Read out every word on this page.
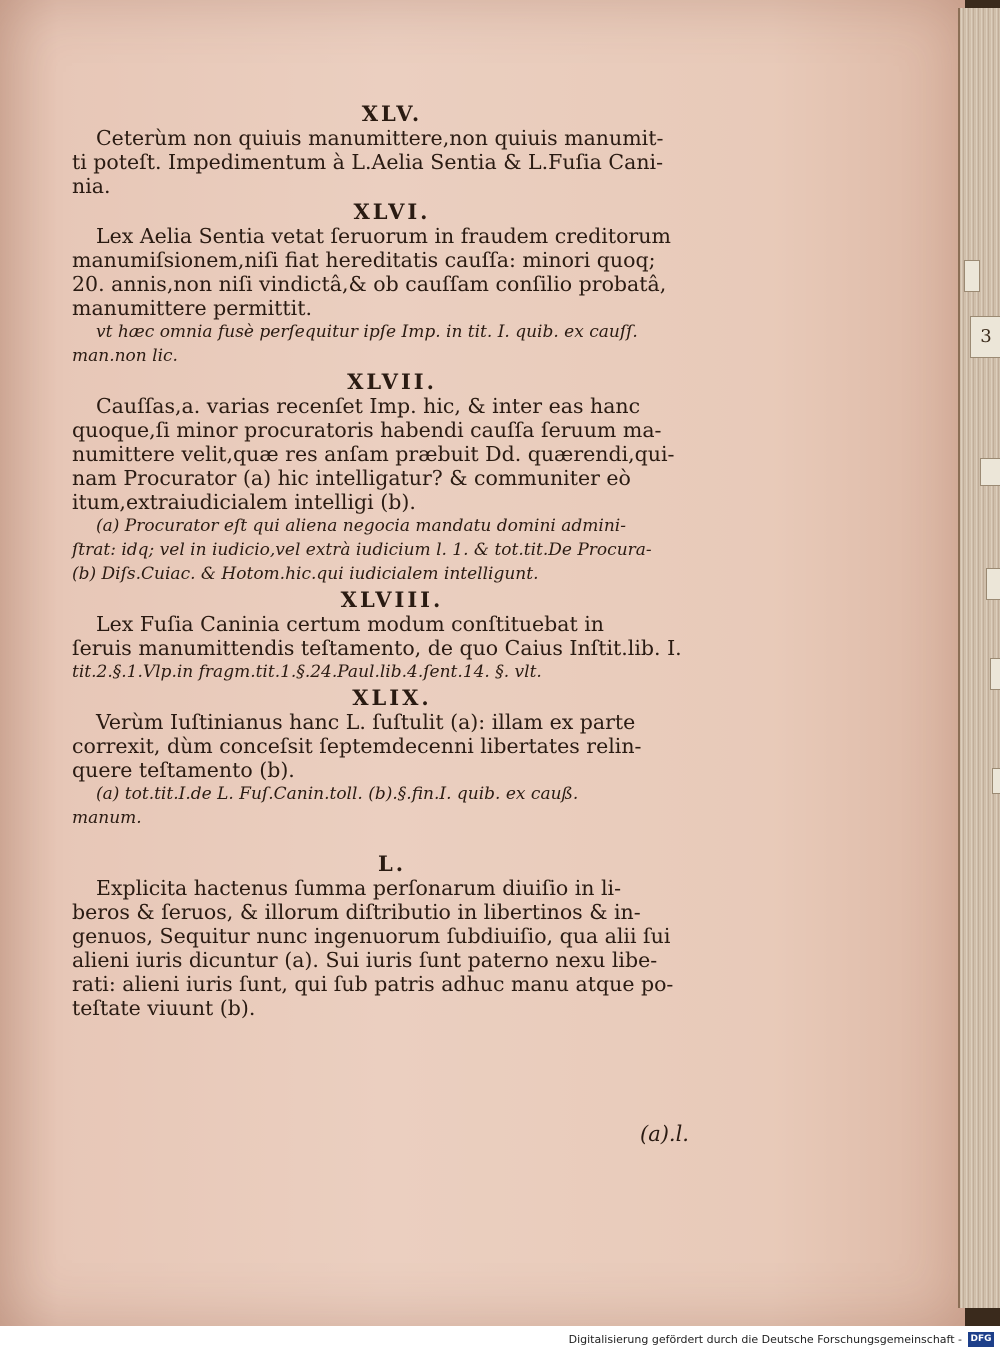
3
XLV.
Ceterùm non quiuis manumittere,non quiuis manumit-
ti poteſt. Impedimentum à L.Aelia Sentia & L.Fuſia Cani-
nia.
XLVI.
Lex Aelia Sentia vetat ſeruorum in fraudem creditorum
manumiſsionem,niſi fiat hereditatis cauſſa: minori quoq;
20. annis,non niſi vindictâ,& ob cauſſam conſilio probatâ,
manumittere permittit.
vt hæc omnia fusè perſequitur ipſe Imp. in tit. I. quib. ex cauſſ.
man.non lic.
XLVII.
Cauſſas,a. varias recenſet Imp. hic, & inter eas hanc
quoque,ſi minor procuratoris habendi cauſſa ſeruum ma-
numittere velit,quæ res anſam præbuit Dd. quærendi,qui-
nam Procurator (a) hic intelligatur? & communiter eò
itum,extraiudicialem intelligi (b).
(a) Procurator eſt qui aliena negocia mandatu domini admini-
ſtrat: idq; vel in iudicio,vel extrà iudicium l. 1. & tot.tit.De Procura-
(b) Diſs.Cuiac. & Hotom.hic.qui iudicialem intelligunt.
XLVIII.
Lex Fuſia Caninia certum modum conſtituebat in
ſeruis manumittendis teſtamento, de quo Caius Inſtit.lib. I.
tit.2.§.1.Vlp.in fragm.tit.1.§.24.Paul.lib.4.ſent.14. §. vlt.
XLIX.
Verùm Iuſtinianus hanc L. ſuſtulit (a): illam ex parte
correxit, dùm conceſsit ſeptemdecenni libertates relin-
quere teſtamento (b).
(a) tot.tit.I.de L. Fuſ.Canin.toll. (b).§.fin.I. quib. ex cauß.
manum.
L.
Explicita hactenus ſumma perſonarum diuiſio in li-
beros & ſeruos, & illorum diſtributio in libertinos & in-
genuos, Sequitur nunc ingenuorum ſubdiuiſio, qua alii ſui
alieni iuris dicuntur (a). Sui iuris ſunt paterno nexu libe-
rati: alieni iuris ſunt, qui ſub patris adhuc manu atque po-
teſtate viuunt (b).
(a).l.
Digitalisierung gefördert durch die Deutsche Forschungsgemeinschaft - DFG
